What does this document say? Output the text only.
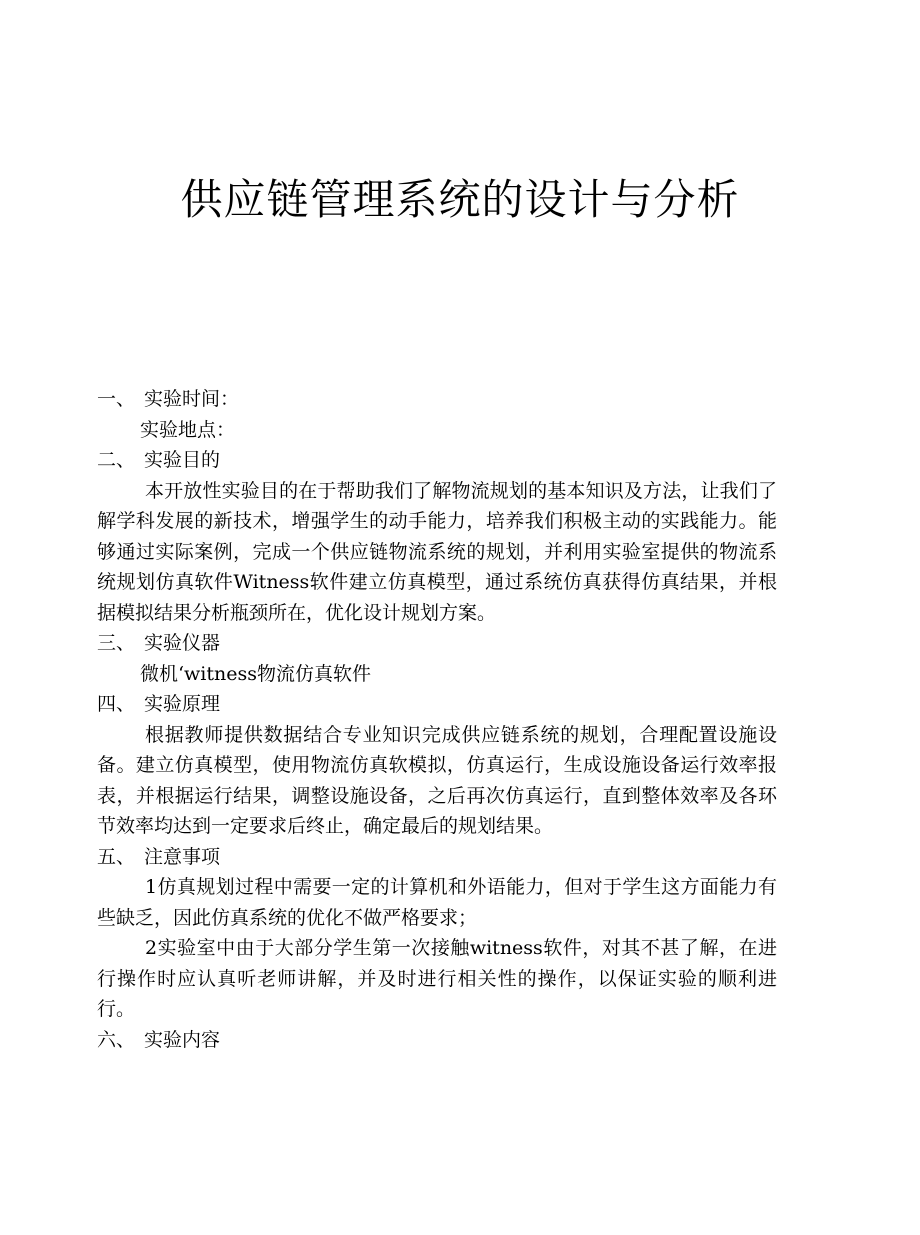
供应链管理系统的设计与分析

一、 实验时间：

实验地点：

二、 实验目的

本开放性实验目的在于帮助我们了解物流规划的基本知识及方法，让我们了解学科发展的新技术，增强学生的动手能力，培养我们积极主动的实践能力。能够通过实际案例，完成一个供应链物流系统的规划，并利用实验室提供的物流系统规划仿真软件Witness软件建立仿真模型，通过系统仿真获得仿真结果，并根据模拟结果分析瓶颈所在，优化设计规划方案。

三、 实验仪器

微机‘witness物流仿真软件

四、 实验原理

根据教师提供数据结合专业知识完成供应链系统的规划，合理配置设施设备。建立仿真模型，使用物流仿真软模拟，仿真运行，生成设施设备运行效率报表，并根据运行结果，调整设施设备，之后再次仿真运行，直到整体效率及各环节效率均达到一定要求后终止，确定最后的规划结果。

五、 注意事项

1仿真规划过程中需要一定的计算机和外语能力，但对于学生这方面能力有些缺乏，因此仿真系统的优化不做严格要求；

2实验室中由于大部分学生第一次接触witness软件，对其不甚了解，在进行操作时应认真听老师讲解，并及时进行相关性的操作，以保证实验的顺利进行。

六、 实验内容
